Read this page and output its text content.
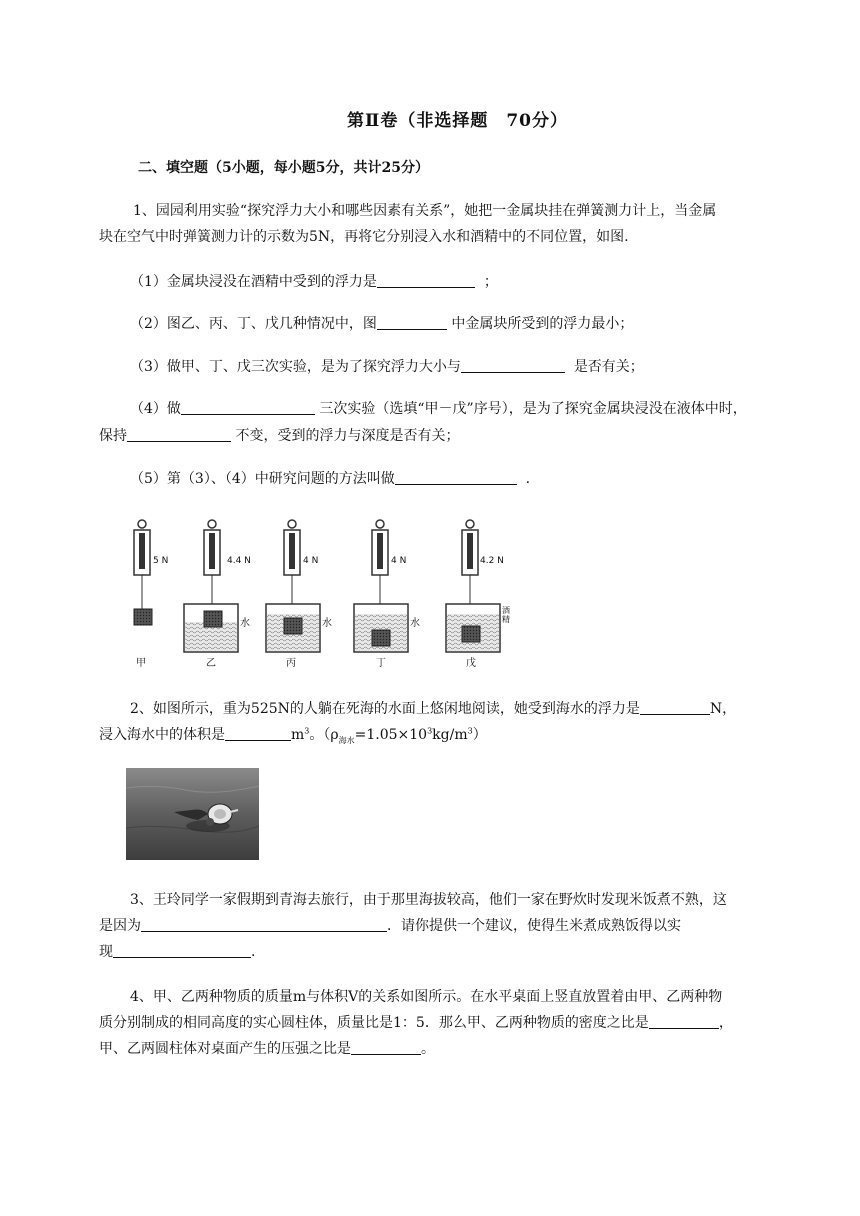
第Ⅱ卷（非选择题　70分）
二、填空题（5小题，每小题5分，共计25分）
1、园园利用实验“探究浮力大小和哪些因素有关系”，她把一金属块挂在弹簧测力计上，当金属
块在空气中时弹簧测力计的示数为5N，再将它分别浸入水和酒精中的不同位置，如图.
（1）金属块浸没在酒精中受到的浮力是	；
（2）图乙、丙、丁、戊几种情况中，图	中金属块所受到的浮力最小；
（3）做甲、丁、戊三次实验，是为了探究浮力大小与	是否有关；
（4）做	三次实验（选填“甲－戊”序号），是为了探究金属块浸没在液体中时，
保持	不变，受到的浮力与深度是否有关；
（5）第（3）、（4）中研究问题的方法叫做	.
5 N	4.4 N	4 N	4 N	4.2 N
水	水	水
酒精
甲	乙	丙	丁	戊
2、如图所示，重为525N的人躺在死海的水面上悠闲地阅读，她受到海水的浮力是	N，
浸入海水中的体积是	$m^3$。$(\rho_{海水}=1.05\times 10^3kg/m^3)$
3、王玲同学一家假期到青海去旅行，由于那里海拔较高，他们一家在野炊时发现米饭煮不熟，这
是因为	．请你提供一个建议，使得生米煮成熟饭得以实
现	.
4、甲、乙两种物质的质量m与体积V的关系如图所示。在水平桌面上竖直放置着由甲、乙两种物
质分别制成的相同高度的实心圆柱体，质量比是1：5．那么甲、乙两种物质的密度之比是	，
甲、乙两圆柱体对桌面产生的压强之比是	。
